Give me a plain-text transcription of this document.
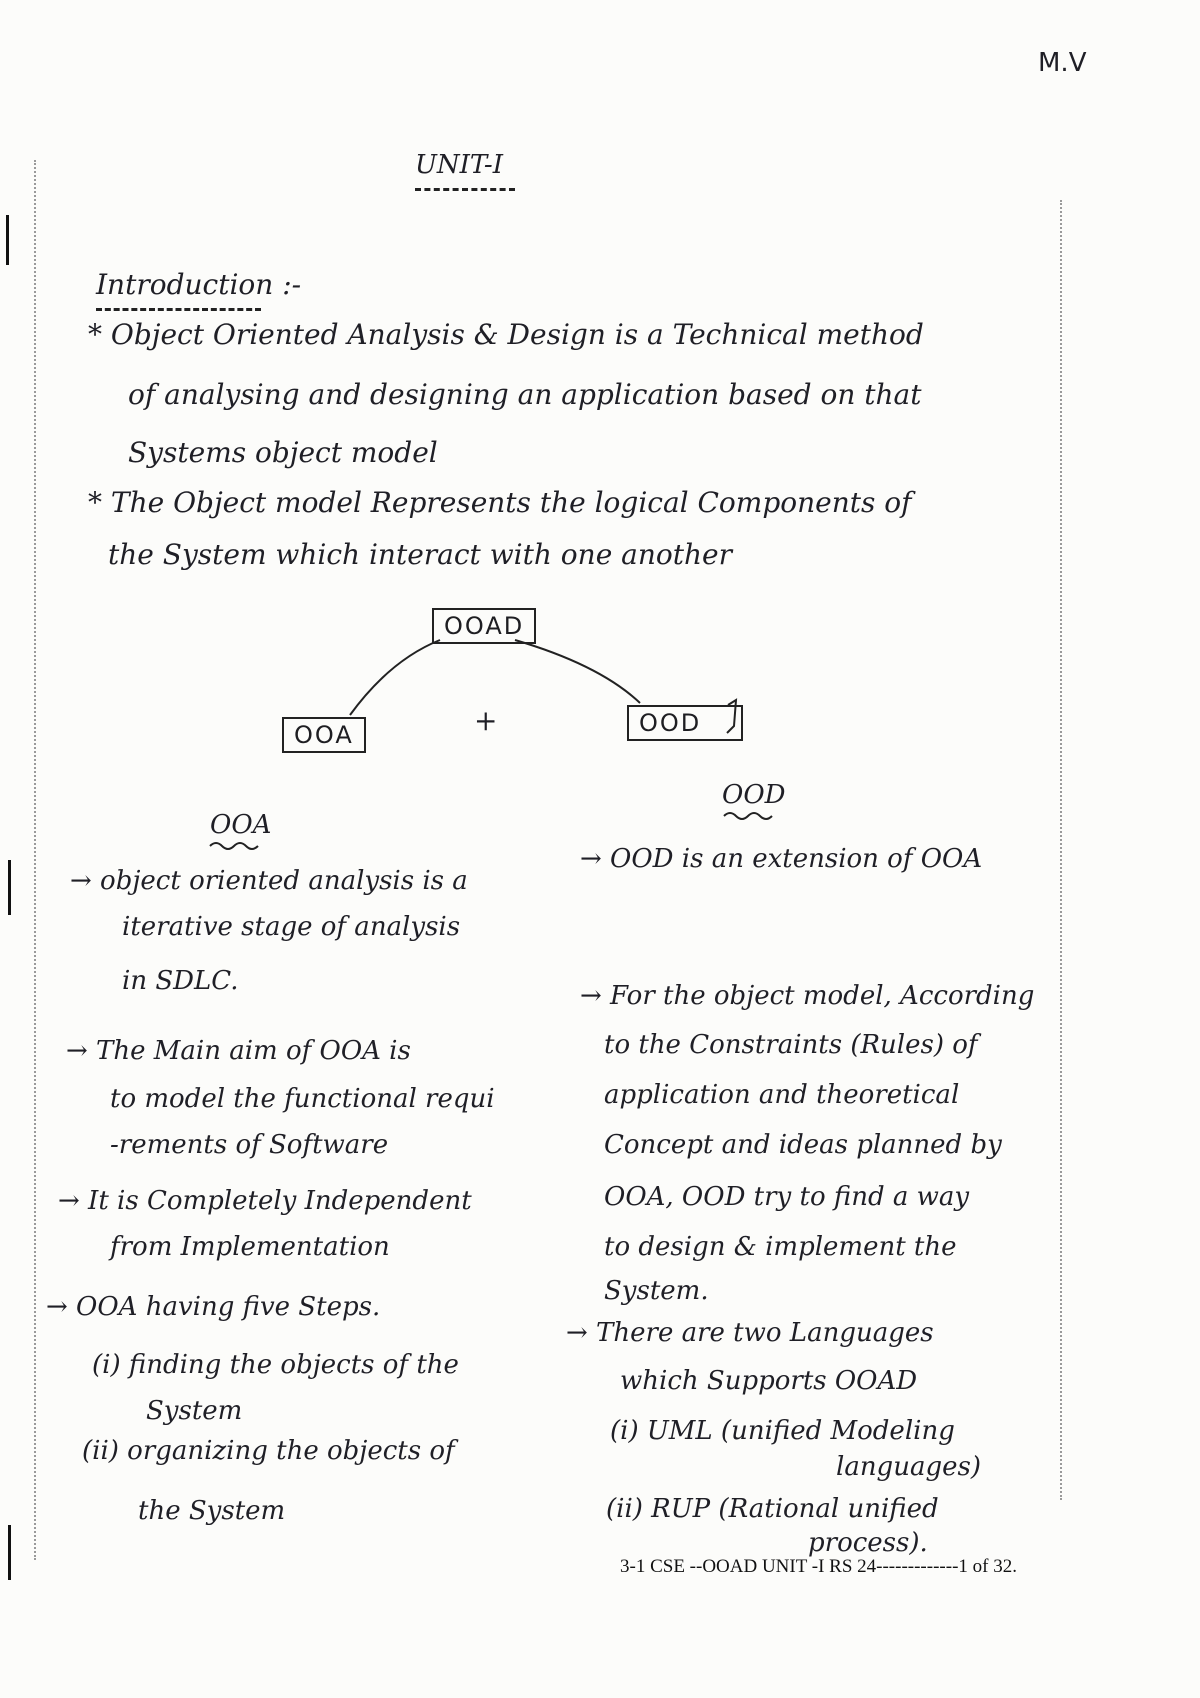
M.V
UNIT-I
Introduction :-
* Object Oriented Analysis & Design is a Technical method
of analysing and designing an application based on that
Systems object model
* The Object model Represents the logical Components of
the System which interact with one another
OOAD
OOA	OOD
+
OOA
OOD
→ object oriented analysis is a
iterative stage of analysis
in SDLC.
→ The Main aim of OOA is
to model the functional requi
-rements of Software
→ It is Completely Independent
from Implementation
→ OOA having five Steps.
(i) finding the objects of the
System
(ii) organizing the objects of
the System
→ OOD is an extension of OOA
→ For the object model, According
to the Constraints (Rules) of
application and theoretical
Concept and ideas planned by
OOA, OOD try to find a way
to design & implement the
System.
→ There are two Languages
which Supports OOAD
(i) UML (unified Modeling
languages)
(ii) RUP (Rational unified
process).
3-1 CSE --OOAD UNIT -I RS 24-------------1 of 32.
